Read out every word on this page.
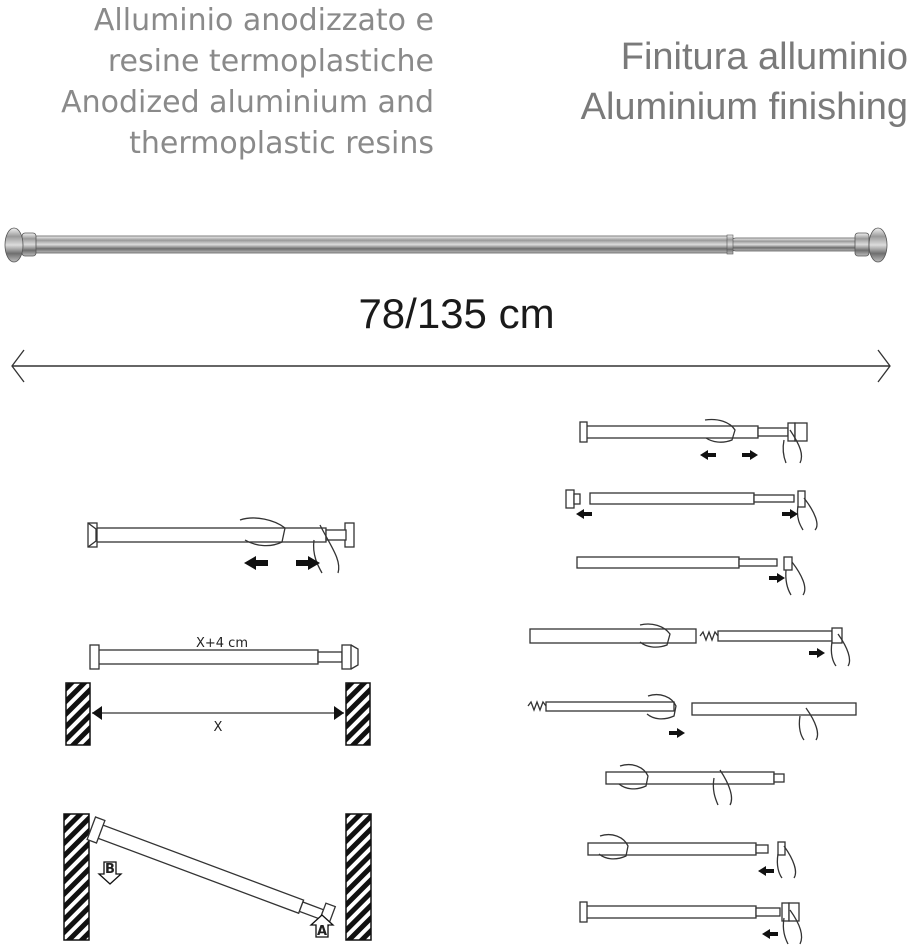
Alluminio anodizzato e
resine termoplastiche
Anodized aluminium and
thermoplastic resins
Finitura alluminio
Aluminium finishing
78/135 cm
X+4 cm
X
B
A
